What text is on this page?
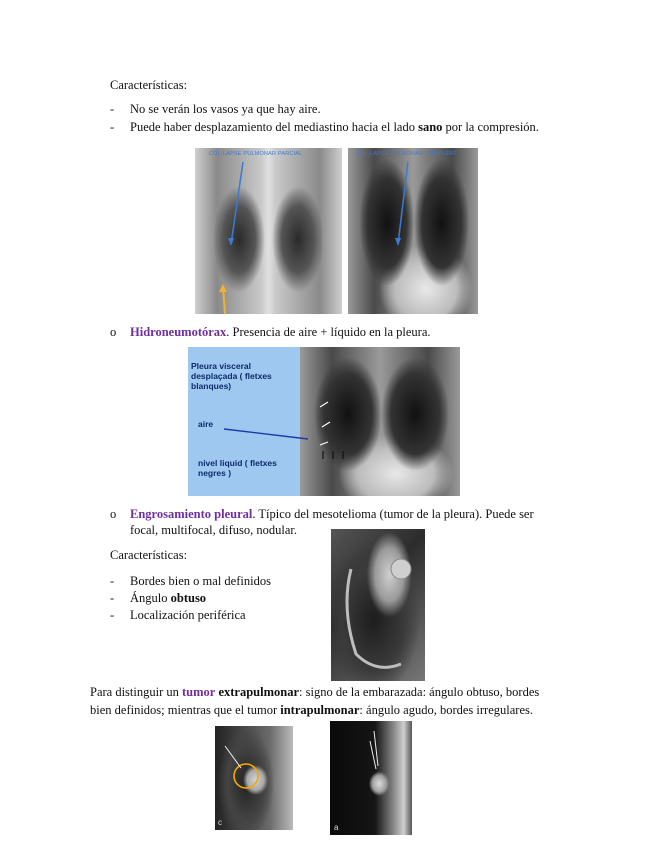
Características:
- No se verán los vasos ya que hay aire.
- Puede haber desplazamiento del mediastino hacia el lado sano por la compresión.
COL·LAPSE PULMONAR PARCIAL	COL·LAPSE PULMONAR COMPLERT
o Hidroneumotórax. Presencia de aire + líquido en la pleura.
Pleura visceral desplaçada ( fletxes blanques)
aire
nivel liquid ( fletxes negres )
o Engrosamiento pleural. Típico del mesotelioma (tumor de la pleura). Puede ser
focal, multifocal, difuso, nodular.
Características:
- Bordes bien o mal definidos
- Ángulo obtuso
- Localización periférica
Para distinguir un tumor extrapulmonar: signo de la embarazada: ángulo obtuso, bordes
bien definidos; mientras que el tumor intrapulmonar: ángulo agudo, bordes irregulares.
c
a
